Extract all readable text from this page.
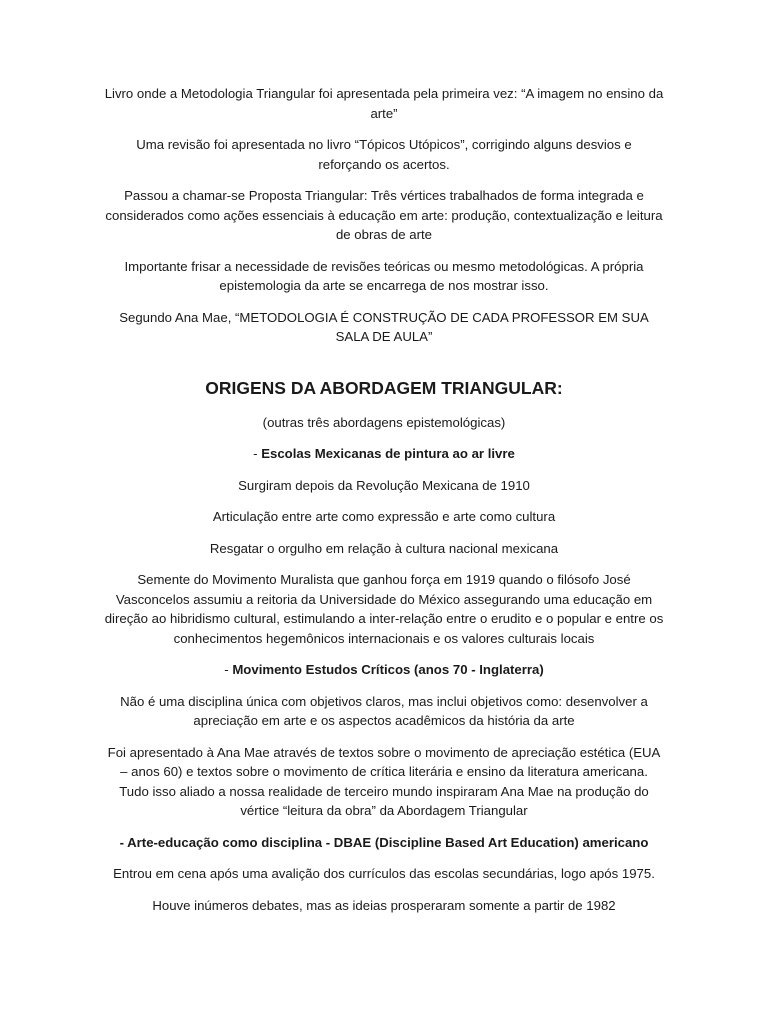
Livro onde a Metodologia Triangular foi apresentada pela primeira vez: “A imagem no ensino da arte”

Uma revisão foi apresentada no livro “Tópicos Utópicos”, corrigindo alguns desvios e reforçando os acertos.

Passou a chamar-se Proposta Triangular: Três vértices trabalhados de forma integrada e considerados como ações essenciais à educação em arte: produção, contextualização e leitura de obras de arte

Importante frisar a necessidade de revisões teóricas ou mesmo metodológicas. A própria epistemologia da arte se encarrega de nos mostrar isso.

Segundo Ana Mae, “METODOLOGIA É CONSTRUÇÃO DE CADA PROFESSOR EM SUA SALA DE AULA”

ORIGENS DA ABORDAGEM TRIANGULAR:

(outras três abordagens epistemológicas)

- Escolas Mexicanas de pintura ao ar livre

Surgiram depois da Revolução Mexicana de 1910

Articulação entre arte como expressão e arte como cultura

Resgatar o orgulho em relação à cultura nacional mexicana

Semente do Movimento Muralista que ganhou força em 1919 quando o filósofo José Vasconcelos assumiu a reitoria da Universidade do México assegurando uma educação em direção ao hibridismo cultural, estimulando a inter-relação entre o erudito e o popular e entre os conhecimentos hegemônicos internacionais e os valores culturais locais

- Movimento Estudos Críticos (anos 70 - Inglaterra)

Não é uma disciplina única com objetivos claros, mas inclui objetivos como: desenvolver a apreciação em arte e os aspectos acadêmicos da história da arte

Foi apresentado à Ana Mae através de textos sobre o movimento de apreciação estética (EUA – anos 60) e textos sobre o movimento de crítica literária e ensino da literatura americana. Tudo isso aliado a nossa realidade de terceiro mundo inspiraram Ana Mae na produção do vértice “leitura da obra” da Abordagem Triangular

- Arte-educação como disciplina - DBAE (Discipline Based Art Education) americano

Entrou em cena após uma avalição dos currículos das escolas secundárias, logo após 1975.

Houve inúmeros debates, mas as ideias prosperaram somente a partir de 1982
